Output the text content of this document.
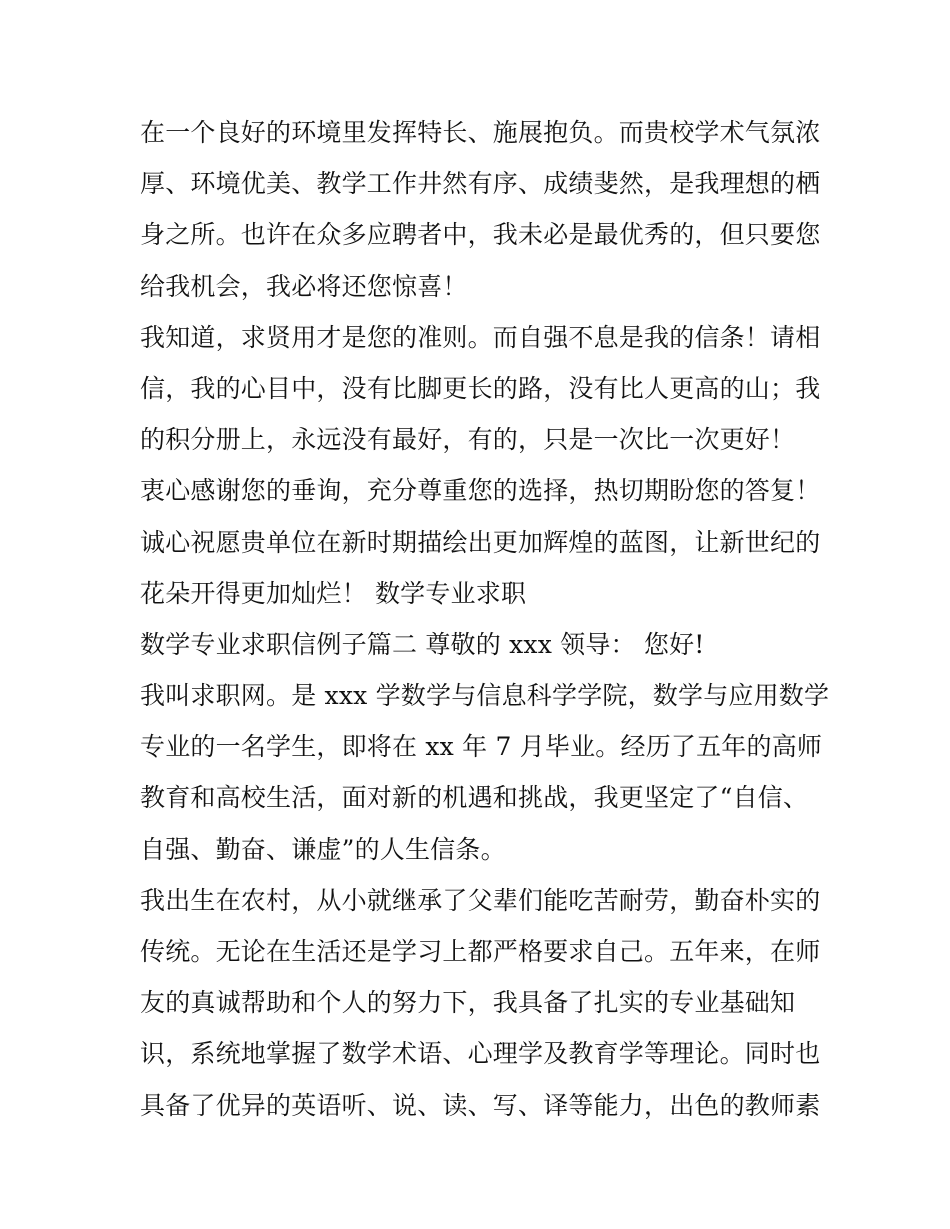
在一个良好的环境里发挥特长、施展抱负。而贵校学术气氛浓
厚、环境优美、教学工作井然有序、成绩斐然，是我理想的栖
身之所。也许在众多应聘者中，我未必是最优秀的，但只要您
给我机会，我必将还您惊喜！
我知道，求贤用才是您的准则。而自强不息是我的信条！请相
信，我的心目中，没有比脚更长的路，没有比人更高的山；我
的积分册上，永远没有最好，有的，只是一次比一次更好！
衷心感谢您的垂询，充分尊重您的选择，热切期盼您的答复！
诚心祝愿贵单位在新时期描绘出更加辉煌的蓝图，让新世纪的
花朵开得更加灿烂！ 数学专业求职
数学专业求职信例子篇二 尊敬的 xxx 领导： 您好!
我叫求职网。是 xxx 学数学与信息科学学院，数学与应用数学
专业的一名学生，即将在 xx 年 7 月毕业。经历了五年的高师
教育和高校生活，面对新的机遇和挑战，我更坚定了“自信、
自强、勤奋、谦虚”的人生信条。
我出生在农村，从小就继承了父辈们能吃苦耐劳，勤奋朴实的
传统。无论在生活还是学习上都严格要求自己。五年来，在师
友的真诚帮助和个人的努力下，我具备了扎实的专业基础知
识，系统地掌握了数学术语、心理学及教育学等理论。同时也
具备了优异的英语听、说、读、写、译等能力，出色的教师素
